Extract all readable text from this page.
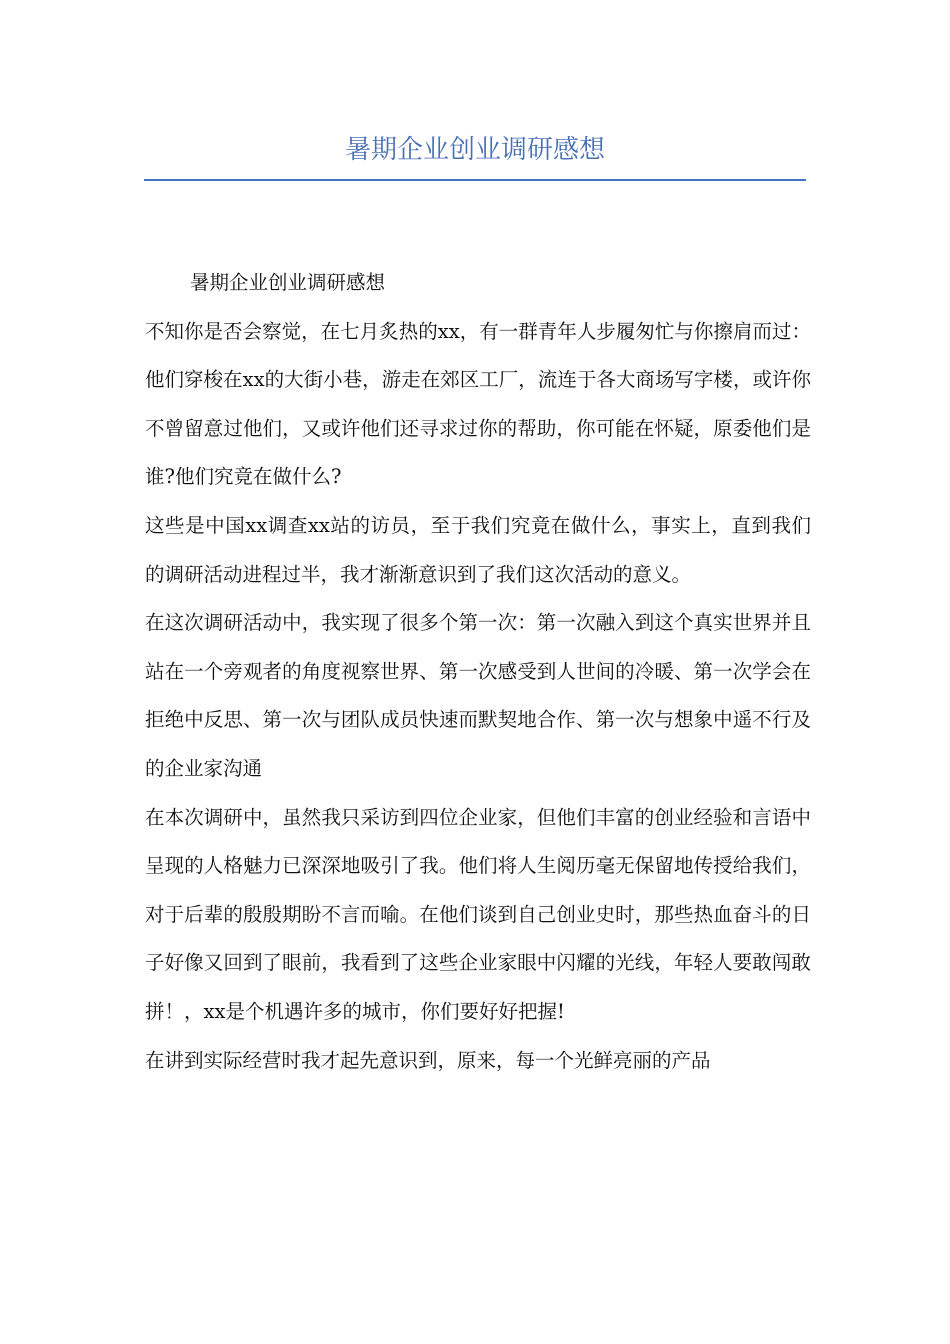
暑期企业创业调研感想

暑期企业创业调研感想

不知你是否会察觉，在七月炙热的xx，有一群青年人步履匆忙与你擦肩而过：他们穿梭在xx的大街小巷，游走在郊区工厂，流连于各大商场写字楼，或许你不曾留意过他们，又或许他们还寻求过你的帮助，你可能在怀疑，原委他们是谁?他们究竟在做什么?

这些是中国xx调查xx站的访员，至于我们究竟在做什么，事实上，直到我们的调研活动进程过半，我才渐渐意识到了我们这次活动的意义。

在这次调研活动中，我实现了很多个第一次：第一次融入到这个真实世界并且站在一个旁观者的角度视察世界、第一次感受到人世间的冷暖、第一次学会在拒绝中反思、第一次与团队成员快速而默契地合作、第一次与想象中遥不行及的企业家沟通

在本次调研中，虽然我只采访到四位企业家，但他们丰富的创业经验和言语中呈现的人格魅力已深深地吸引了我。他们将人生阅历毫无保留地传授给我们，对于后辈的殷殷期盼不言而喻。在他们谈到自己创业史时，那些热血奋斗的日子好像又回到了眼前，我看到了这些企业家眼中闪耀的光线，年轻人要敢闯敢拼！，xx是个机遇许多的城市，你们要好好把握!

在讲到实际经营时我才起先意识到，原来，每一个光鲜亮丽的产品
